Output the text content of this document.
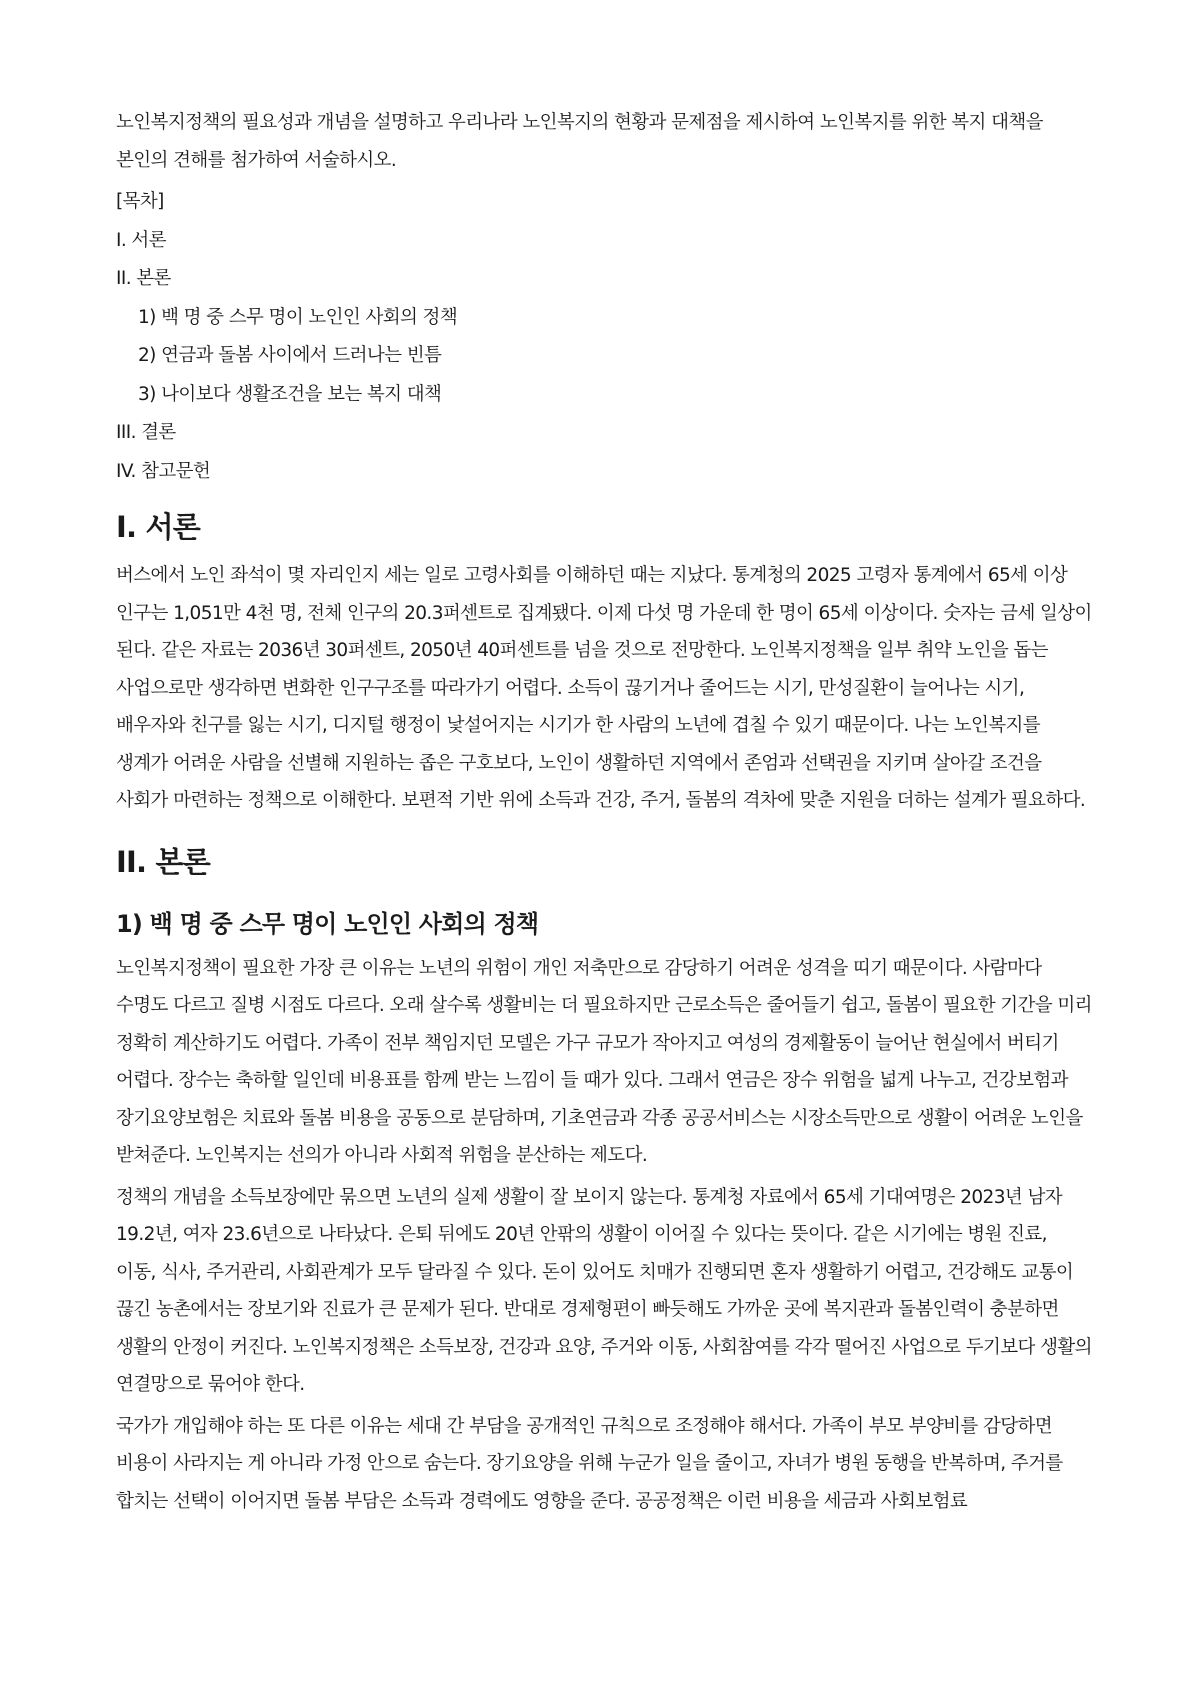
노인복지정책의 필요성과 개념을 설명하고 우리나라 노인복지의 현황과 문제점을 제시하여 노인복지를 위한 복지 대책을 본인의 견해를 첨가하여 서술하시오.

[목차]
I. 서론
II. 본론
1) 백 명 중 스무 명이 노인인 사회의 정책
2) 연금과 돌봄 사이에서 드러나는 빈틈
3) 나이보다 생활조건을 보는 복지 대책
III. 결론
IV. 참고문헌
I. 서론

버스에서 노인 좌석이 몇 자리인지 세는 일로 고령사회를 이해하던 때는 지났다. 통계청의 2025 고령자 통계에서 65세 이상 인구는 1,051만 4천 명, 전체 인구의 20.3퍼센트로 집계됐다. 이제 다섯 명 가운데 한 명이 65세 이상이다. 숫자는 금세 일상이 된다. 같은 자료는 2036년 30퍼센트, 2050년 40퍼센트를 넘을 것으로 전망한다. 노인복지정책을 일부 취약 노인을 돕는 사업으로만 생각하면 변화한 인구구조를 따라가기 어렵다. 소득이 끊기거나 줄어드는 시기, 만성질환이 늘어나는 시기, 배우자와 친구를 잃는 시기, 디지털 행정이 낯설어지는 시기가 한 사람의 노년에 겹칠 수 있기 때문이다. 나는 노인복지를 생계가 어려운 사람을 선별해 지원하는 좁은 구호보다, 노인이 생활하던 지역에서 존엄과 선택권을 지키며 살아갈 조건을 사회가 마련하는 정책으로 이해한다. 보편적 기반 위에 소득과 건강, 주거, 돌봄의 격차에 맞춘 지원을 더하는 설계가 필요하다.

II. 본론
1) 백 명 중 스무 명이 노인인 사회의 정책

노인복지정책이 필요한 가장 큰 이유는 노년의 위험이 개인 저축만으로 감당하기 어려운 성격을 띠기 때문이다. 사람마다 수명도 다르고 질병 시점도 다르다. 오래 살수록 생활비는 더 필요하지만 근로소득은 줄어들기 쉽고, 돌봄이 필요한 기간을 미리 정확히 계산하기도 어렵다. 가족이 전부 책임지던 모델은 가구 규모가 작아지고 여성의 경제활동이 늘어난 현실에서 버티기 어렵다. 장수는 축하할 일인데 비용표를 함께 받는 느낌이 들 때가 있다. 그래서 연금은 장수 위험을 넓게 나누고, 건강보험과 장기요양보험은 치료와 돌봄 비용을 공동으로 분담하며, 기초연금과 각종 공공서비스는 시장소득만으로 생활이 어려운 노인을 받쳐준다. 노인복지는 선의가 아니라 사회적 위험을 분산하는 제도다.

정책의 개념을 소득보장에만 묶으면 노년의 실제 생활이 잘 보이지 않는다. 통계청 자료에서 65세 기대여명은 2023년 남자 19.2년, 여자 23.6년으로 나타났다. 은퇴 뒤에도 20년 안팎의 생활이 이어질 수 있다는 뜻이다. 같은 시기에는 병원 진료, 이동, 식사, 주거관리, 사회관계가 모두 달라질 수 있다. 돈이 있어도 치매가 진행되면 혼자 생활하기 어렵고, 건강해도 교통이 끊긴 농촌에서는 장보기와 진료가 큰 문제가 된다. 반대로 경제형편이 빠듯해도 가까운 곳에 복지관과 돌봄인력이 충분하면 생활의 안정이 커진다. 노인복지정책은 소득보장, 건강과 요양, 주거와 이동, 사회참여를 각각 떨어진 사업으로 두기보다 생활의 연결망으로 묶어야 한다.

국가가 개입해야 하는 또 다른 이유는 세대 간 부담을 공개적인 규칙으로 조정해야 해서다. 가족이 부모 부양비를 감당하면 비용이 사라지는 게 아니라 가정 안으로 숨는다. 장기요양을 위해 누군가 일을 줄이고, 자녀가 병원 동행을 반복하며, 주거를 합치는 선택이 이어지면 돌봄 부담은 소득과 경력에도 영향을 준다. 공공정책은 이런 비용을 세금과 사회보험료
